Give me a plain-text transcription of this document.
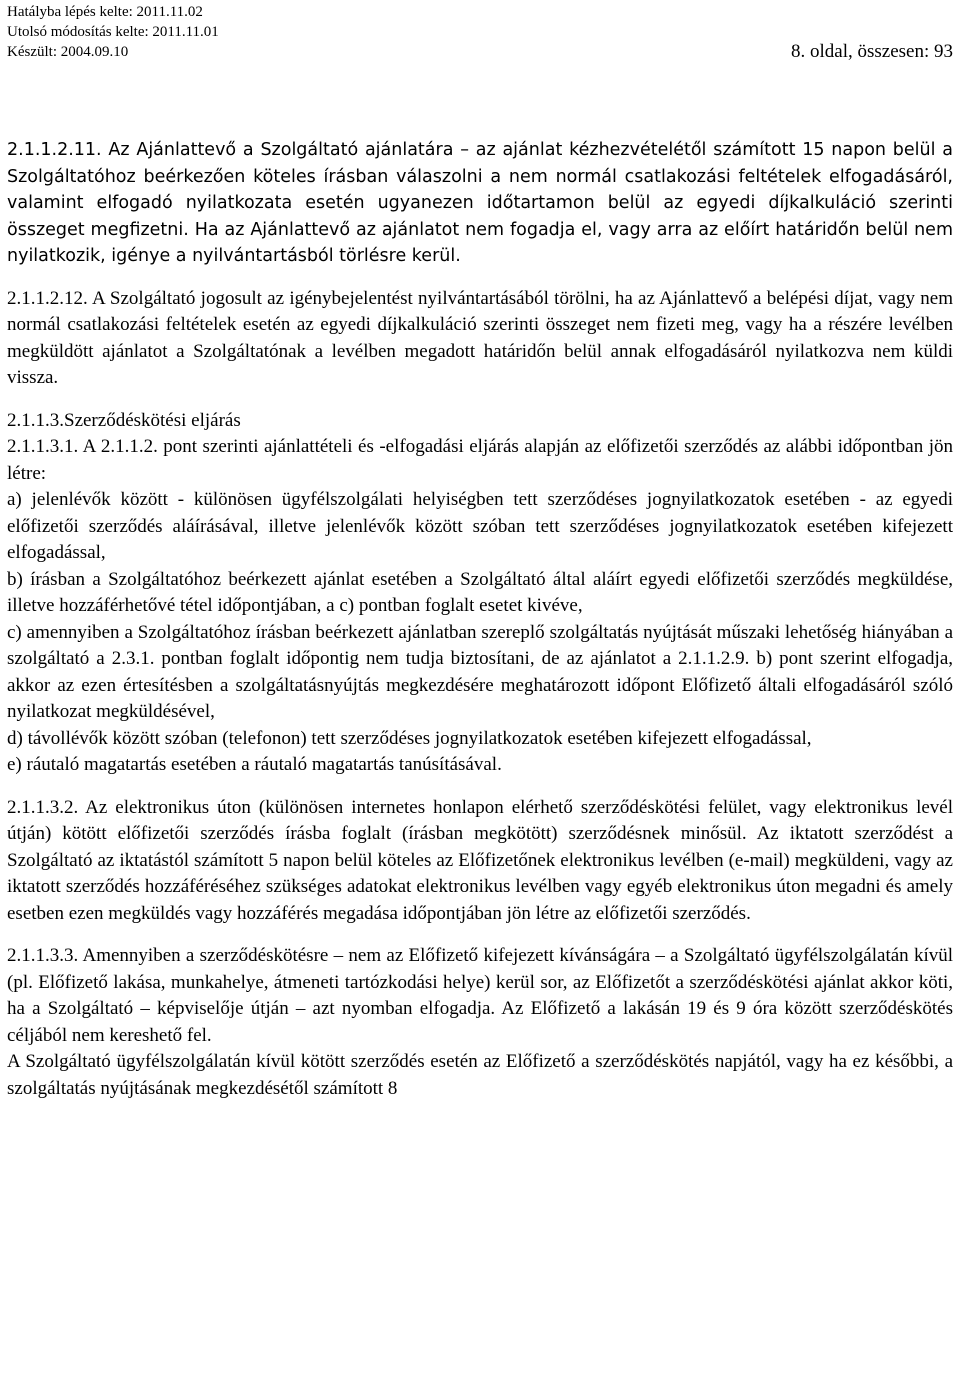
Hatályba lépés kelte: 2011.11.02
Utolsó módosítás kelte: 2011.11.01
Készült: 2004.09.10	8. oldal, összesen: 93

2.1.1.2.11. Az Ajánlattevő a Szolgáltató ajánlatára – az ajánlat kézhezvételétől számított 15 napon belül a Szolgáltatóhoz beérkezően köteles írásban válaszolni a nem normál csatlakozási feltételek elfogadásáról, valamint elfogadó nyilatkozata esetén ugyanezen időtartamon belül az egyedi díjkalkuláció szerinti összeget megfizetni. Ha az Ajánlattevő az ajánlatot nem fogadja el, vagy arra az előírt határidőn belül nem nyilatkozik, igénye a nyilvántartásból törlésre kerül.

2.1.1.2.12. A Szolgáltató jogosult az igénybejelentést nyilvántartásából törölni, ha az Ajánlattevő a belépési díjat, vagy nem normál csatlakozási feltételek esetén az egyedi díjkalkuláció szerinti összeget nem fizeti meg, vagy ha a részére levélben megküldött ajánlatot a Szolgáltatónak a levélben megadott határidőn belül annak elfogadásáról nyilatkozva nem küldi vissza.

2.1.1.3.Szerződéskötési eljárás

2.1.1.3.1. A 2.1.1.2. pont szerinti ajánlattételi és -elfogadási eljárás alapján az előfizetői szerződés az alábbi időpontban jön létre:

a) jelenlévők között - különösen ügyfélszolgálati helyiségben tett szerződéses jognyilatkozatok esetében - az egyedi előfizetői szerződés aláírásával, illetve jelenlévők között szóban tett szerződéses jognyilatkozatok esetében kifejezett elfogadással,

b) írásban a Szolgáltatóhoz beérkezett ajánlat esetében a Szolgáltató által aláírt egyedi előfizetői szerződés megküldése, illetve hozzáférhetővé tétel időpontjában, a c) pontban foglalt esetet kivéve,

c) amennyiben a Szolgáltatóhoz írásban beérkezett ajánlatban szereplő szolgáltatás nyújtását műszaki lehetőség hiányában a szolgáltató a 2.3.1. pontban foglalt időpontig nem tudja biztosítani, de az ajánlatot a 2.1.1.2.9. b) pont szerint elfogadja, akkor az ezen értesítésben a szolgáltatásnyújtás megkezdésére meghatározott időpont Előfizető általi elfogadásáról szóló nyilatkozat megküldésével,

d) távollévők között szóban (telefonon) tett szerződéses jognyilatkozatok esetében kifejezett elfogadással,

e) ráutaló magatartás esetében a ráutaló magatartás tanúsításával.

2.1.1.3.2. Az elektronikus úton (különösen internetes honlapon elérhető szerződéskötési felület, vagy elektronikus levél útján) kötött előfizetői szerződés írásba foglalt (írásban megkötött) szerződésnek minősül. Az iktatott szerződést a Szolgáltató az iktatástól számított 5 napon belül köteles az Előfizetőnek elektronikus levélben (e-mail) megküldeni, vagy az iktatott szerződés hozzáféréséhez szükséges adatokat elektronikus levélben vagy egyéb elektronikus úton megadni és amely esetben ezen megküldés vagy hozzáférés megadása időpontjában jön létre az előfizetői szerződés.

2.1.1.3.3. Amennyiben a szerződéskötésre – nem az Előfizető kifejezett kívánságára – a Szolgáltató ügyfélszolgálatán kívül (pl. Előfizető lakása, munkahelye, átmeneti tartózkodási helye) kerül sor, az Előfizetőt a szerződéskötési ajánlat akkor köti, ha a Szolgáltató – képviselője útján – azt nyomban elfogadja. Az Előfizető a lakásán 19 és 9 óra között szerződéskötés céljából nem kereshető fel.

A Szolgáltató ügyfélszolgálatán kívül kötött szerződés esetén az Előfizető a szerződéskötés napjától, vagy ha ez későbbi, a szolgáltatás nyújtásának megkezdésétől számított 8
